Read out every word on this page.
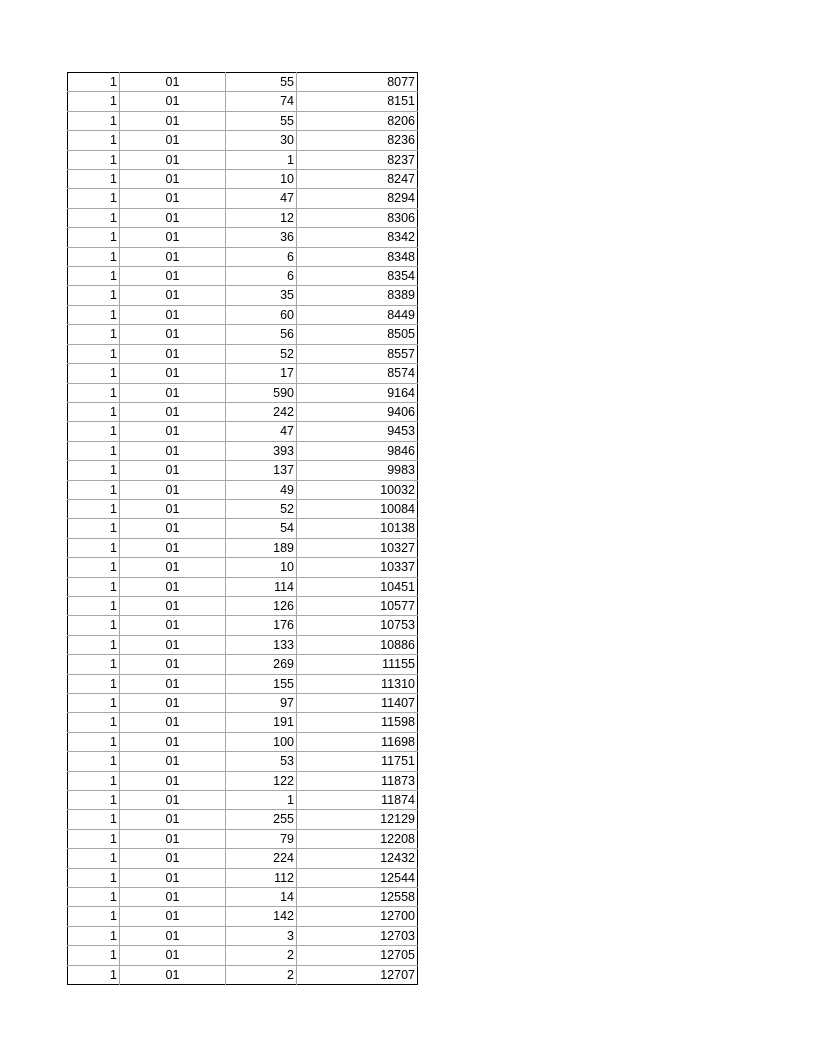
1	01	55	8077
1	01	74	8151
1	01	55	8206
1	01	30	8236
1	01	1	8237
1	01	10	8247
1	01	47	8294
1	01	12	8306
1	01	36	8342
1	01	6	8348
1	01	6	8354
1	01	35	8389
1	01	60	8449
1	01	56	8505
1	01	52	8557
1	01	17	8574
1	01	590	9164
1	01	242	9406
1	01	47	9453
1	01	393	9846
1	01	137	9983
1	01	49	10032
1	01	52	10084
1	01	54	10138
1	01	189	10327
1	01	10	10337
1	01	114	10451
1	01	126	10577
1	01	176	10753
1	01	133	10886
1	01	269	11155
1	01	155	11310
1	01	97	11407
1	01	191	11598
1	01	100	11698
1	01	53	11751
1	01	122	11873
1	01	1	11874
1	01	255	12129
1	01	79	12208
1	01	224	12432
1	01	112	12544
1	01	14	12558
1	01	142	12700
1	01	3	12703
1	01	2	12705
1	01	2	12707
